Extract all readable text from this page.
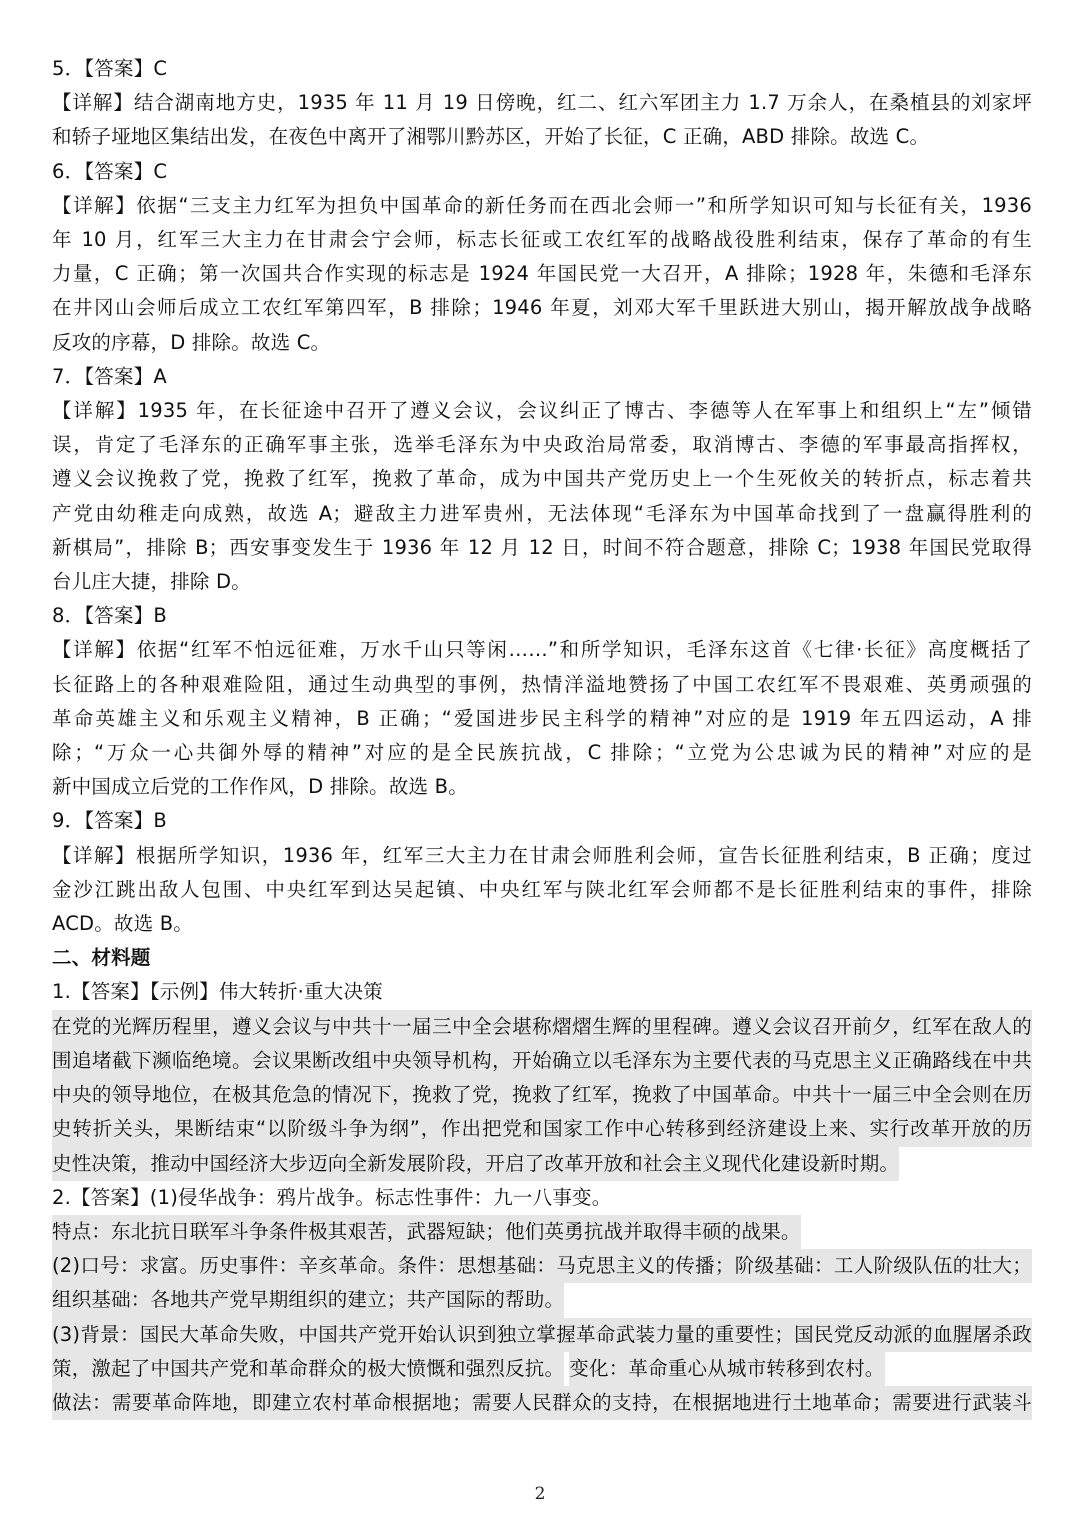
5．【答案】C
【详解】结合湖南地方史，1935 年 11 月 19 日傍晚，红二、红六军团主力 1.7 万余人，在桑植县的刘家坪
和轿子垭地区集结出发，在夜色中离开了湘鄂川黔苏区，开始了长征，C 正确，ABD 排除。故选 C。
6．【答案】C
【详解】依据“三支主力红军为担负中国革命的新任务而在西北会师一”和所学知识可知与长征有关，1936
年 10 月，红军三大主力在甘肃会宁会师，标志长征或工农红军的战略战役胜利结束，保存了革命的有生
力量，C 正确；第一次国共合作实现的标志是 1924 年国民党一大召开，A 排除；1928 年，朱德和毛泽东
在井冈山会师后成立工农红军第四军，B 排除；1946 年夏，刘邓大军千里跃进大别山，揭开解放战争战略
反攻的序幕，D 排除。故选 C。
7．【答案】A
【详解】1935 年，在长征途中召开了遵义会议，会议纠正了博古、李德等人在军事上和组织上“左”倾错
误，肯定了毛泽东的正确军事主张，选举毛泽东为中央政治局常委，取消博古、李德的军事最高指挥权，
遵义会议挽救了党，挽救了红军，挽救了革命，成为中国共产党历史上一个生死攸关的转折点，标志着共
产党由幼稚走向成熟，故选 A；避敌主力进军贵州，无法体现“毛泽东为中国革命找到了一盘赢得胜利的
新棋局”，排除 B；西安事变发生于 1936 年 12 月 12 日，时间不符合题意，排除 C；1938 年国民党取得
台儿庄大捷，排除 D。
8．【答案】B
【详解】依据“红军不怕远征难，万水千山只等闲……”和所学知识，毛泽东这首《七律·长征》高度概括了
长征路上的各种艰难险阻，通过生动典型的事例，热情洋溢地赞扬了中国工农红军不畏艰难、英勇顽强的
革命英雄主义和乐观主义精神，B 正确；“爱国进步民主科学的精神”对应的是 1919 年五四运动，A 排
除；“万众一心共御外辱的精神”对应的是全民族抗战，C 排除；“立党为公忠诚为民的精神”对应的是
新中国成立后党的工作作风，D 排除。故选 B。
9．【答案】B
【详解】根据所学知识，1936 年，红军三大主力在甘肃会师胜利会师，宣告长征胜利结束，B 正确；度过
金沙江跳出敌人包围、中央红军到达吴起镇、中央红军与陕北红军会师都不是长征胜利结束的事件，排除
ACD。故选 B。
二、材料题
1.【答案】【示例】伟大转折·重大决策
在党的光辉历程里，遵义会议与中共十一届三中全会堪称熠熠生辉的里程碑。遵义会议召开前夕，红军在敌人的
围追堵截下濒临绝境。会议果断改组中央领导机构，开始确立以毛泽东为主要代表的马克思主义正确路线在中共
中央的领导地位，在极其危急的情况下，挽救了党，挽救了红军，挽救了中国革命。中共十一届三中全会则在历
史转折关头，果断结束“以阶级斗争为纲”，作出把党和国家工作中心转移到经济建设上来、实行改革开放的历
史性决策，推动中国经济大步迈向全新发展阶段，开启了改革开放和社会主义现代化建设新时期。
2.【答案】(1)侵华战争：鸦片战争。标志性事件：九一八事变。
特点：东北抗日联军斗争条件极其艰苦，武器短缺；他们英勇抗战并取得丰硕的战果。
(2)口号：求富。历史事件：辛亥革命。条件：思想基础：马克思主义的传播；阶级基础：工人阶级队伍的壮大；
组织基础：各地共产党早期组织的建立；共产国际的帮助。
(3)背景：国民大革命失败，中国共产党开始认识到独立掌握革命武装力量的重要性；国民党反动派的血腥屠杀政
策，激起了中国共产党和革命群众的极大愤慨和强烈反抗。 变化：革命重心从城市转移到农村。
做法：需要革命阵地，即建立农村革命根据地；需要人民群众的支持，在根据地进行土地革命；需要进行武装斗
2
